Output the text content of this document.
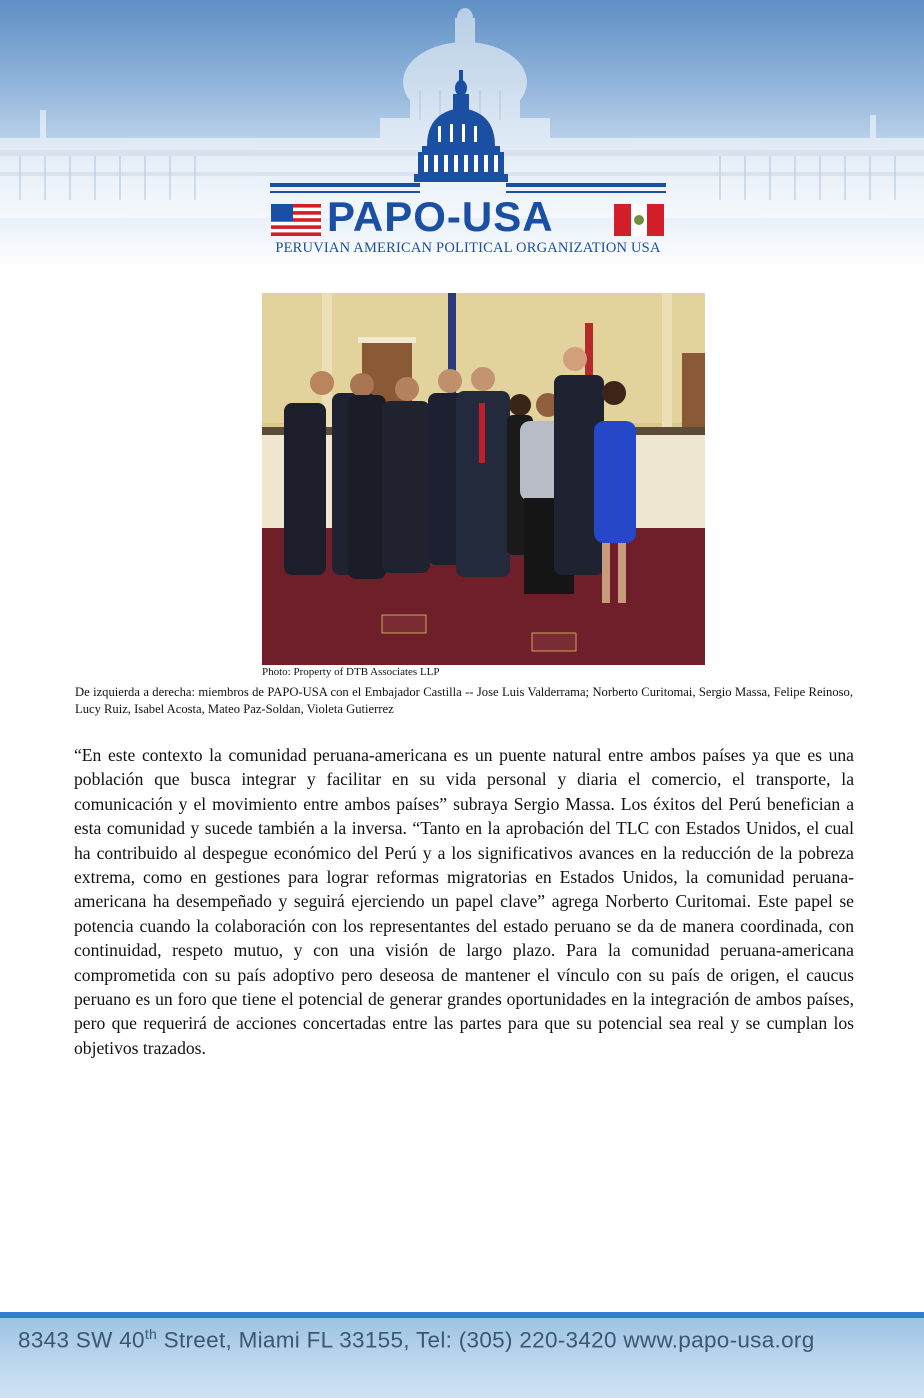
PAPO-USA
PERUVIAN AMERICAN POLITICAL ORGANIZATION USA
Photo: Property of DTB Associates LLP
De izquierda a derecha: miembros de PAPO-USA con el Embajador Castilla -- Jose Luis Valderrama; Norberto Curitomai, Sergio Massa, Felipe Reinoso, Lucy Ruiz, Isabel Acosta, Mateo Paz-Soldan, Violeta Gutierrez
“En este contexto la comunidad peruana-americana es un puente natural entre ambos países ya que es una población que busca integrar y facilitar en su vida personal y diaria el comercio, el transporte, la comunicación y el movimiento entre ambos países” subraya Sergio Massa. Los éxitos del Perú benefician a esta comunidad y sucede también a la inversa. “Tanto en la aprobación del TLC con Estados Unidos, el cual ha contribuido al despegue económico del Perú y a los significativos avances en la reducción de la pobreza extrema, como en gestiones para lograr reformas migratorias en Estados Unidos, la comunidad peruana-americana ha desempeñado y seguirá ejerciendo un papel clave” agrega Norberto Curitomai. Este papel se potencia cuando la colaboración con los representantes del estado peruano se da de manera coordinada, con continuidad, respeto mutuo, y con una visión de largo plazo. Para la comunidad peruana-americana comprometida con su país adoptivo pero deseosa de mantener el vínculo con su país de origen, el caucus peruano es un foro que tiene el potencial de generar grandes oportunidades en la integración de ambos países, pero que requerirá de acciones concertadas entre las partes para que su potencial sea real y se cumplan los objetivos trazados.
8343 SW 40th Street, Miami FL 33155, Tel: (305) 220-3420 www.papo-usa.org
